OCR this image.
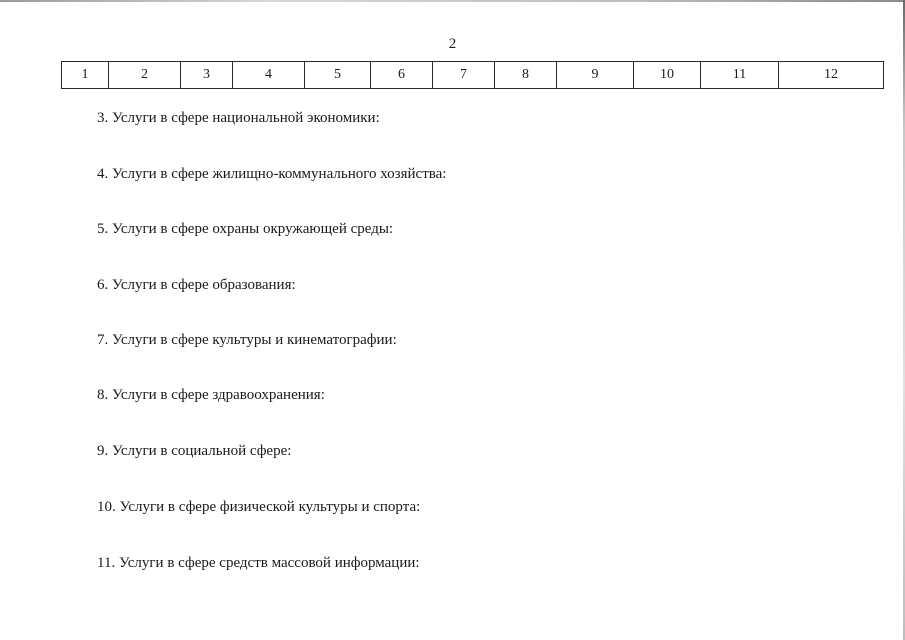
2
1	2	3	4	5	6	7	8	9	10	11	12
3. Услуги в сфере национальной экономики:
4. Услуги в сфере жилищно-коммунального хозяйства:
5. Услуги в сфере охраны окружающей среды:
6. Услуги в сфере образования:
7. Услуги в сфере культуры и кинематографии:
8. Услуги в сфере здравоохранения:
9. Услуги в социальной сфере:
10. Услуги в сфере физической культуры и спорта:
11. Услуги в сфере средств массовой информации:
